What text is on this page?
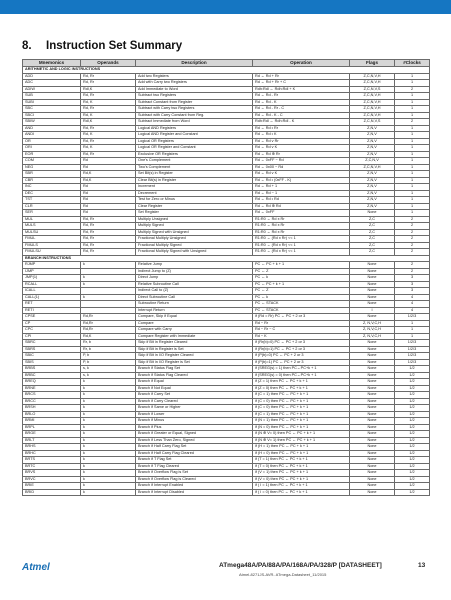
8. Instruction Set Summary
Mnemonics	Operands	Description	Operation	Flags	#Clocks
ARITHMETIC AND LOGIC INSTRUCTIONS					
ADD	Rd, Rr	Add two Registers	Rd ← Rd + Rr	Z,C,N,V,H	1
ADC	Rd, Rr	Add with Carry two Registers	Rd ← Rd + Rr + C	Z,C,N,V,H	1
ADIW	Rdl,K	Add Immediate to Word	Rdh:Rdl ← Rdh:Rdl + K	Z,C,N,V,S	2
SUB	Rd, Rr	Subtract two Registers	Rd ← Rd - Rr	Z,C,N,V,H	1
SUBI	Rd, K	Subtract Constant from Register	Rd ← Rd - K	Z,C,N,V,H	1
SBC	Rd, Rr	Subtract with Carry two Registers	Rd ← Rd - Rr - C	Z,C,N,V,H	1
SBCI	Rd, K	Subtract with Carry Constant from Reg.	Rd ← Rd - K - C	Z,C,N,V,H	1
SBIW	Rdl,K	Subtract Immediate from Word	Rdh:Rdl ← Rdh:Rdl - K	Z,C,N,V,S	2
AND	Rd, Rr	Logical AND Registers	Rd ← Rd • Rr	Z,N,V	1
ANDI	Rd, K	Logical AND Register and Constant	Rd ← Rd • K	Z,N,V	1
OR	Rd, Rr	Logical OR Registers	Rd ← Rd v Rr	Z,N,V	1
ORI	Rd, K	Logical OR Register and Constant	Rd ← Rd v K	Z,N,V	1
EOR	Rd, Rr	Exclusive OR Registers	Rd ← Rd ⊕ Rr	Z,N,V	1
COM	Rd	One's Complement	Rd ← 0xFF − Rd	Z,C,N,V	1
NEG	Rd	Two's Complement	Rd ← 0x00 − Rd	Z,C,N,V,H	1
SBR	Rd,K	Set Bit(s) in Register	Rd ← Rd v K	Z,N,V	1
CBR	Rd,K	Clear Bit(s) in Register	Rd ← Rd • (0xFF - K)	Z,N,V	1
INC	Rd	Increment	Rd ← Rd + 1	Z,N,V	1
DEC	Rd	Decrement	Rd ← Rd − 1	Z,N,V	1
TST	Rd	Test for Zero or Minus	Rd ← Rd • Rd	Z,N,V	1
CLR	Rd	Clear Register	Rd ← Rd ⊕ Rd	Z,N,V	1
SER	Rd	Set Register	Rd ← 0xFF	None	1
MUL	Rd, Rr	Multiply Unsigned	R1:R0 ← Rd x Rr	Z,C	2
MULS	Rd, Rr	Multiply Signed	R1:R0 ← Rd x Rr	Z,C	2
MULSU	Rd, Rr	Multiply Signed with Unsigned	R1:R0 ← Rd x Rr	Z,C	2
FMUL	Rd, Rr	Fractional Multiply Unsigned	R1:R0 ← (Rd x Rr) << 1	Z,C	2
FMULS	Rd, Rr	Fractional Multiply Signed	R1:R0 ← (Rd x Rr) << 1	Z,C	2
FMULSU	Rd, Rr	Fractional Multiply Signed with Unsigned	R1:R0 ← (Rd x Rr) << 1	Z,C	2
BRANCH INSTRUCTIONS					
RJMP	k	Relative Jump	PC ← PC + k + 1	None	2
IJMP		Indirect Jump to (Z)	PC ← Z	None	2
JMP(1)	k	Direct Jump	PC ← k	None	3
RCALL	k	Relative Subroutine Call	PC ← PC + k + 1	None	3
ICALL		Indirect Call to (Z)	PC ← Z	None	3
CALL(1)	k	Direct Subroutine Call	PC ← k	None	4
RET		Subroutine Return	PC ← STACK	None	4
RETI		Interrupt Return	PC ← STACK	I	4
CPSE	Rd,Rr	Compare, Skip if Equal	if (Rd = Rr) PC ← PC + 2 or 3	None	1/2/3
CP	Rd,Rr	Compare	Rd − Rr	Z, N,V,C,H	1
CPC	Rd,Rr	Compare with Carry	Rd − Rr − C	Z, N,V,C,H	1
CPI	Rd,K	Compare Register with Immediate	Rd − K	Z, N,V,C,H	1
SBRC	Rr, b	Skip if Bit in Register Cleared	if (Rr(b)=0) PC ← PC + 2 or 3	None	1/2/3
SBRS	Rr, b	Skip if Bit in Register is Set	if (Rr(b)=1) PC ← PC + 2 or 3	None	1/2/3
SBIC	P, b	Skip if Bit in I/O Register Cleared	if (P(b)=0) PC ← PC + 2 or 3	None	1/2/3
SBIS	P, b	Skip if Bit in I/O Register is Set	if (P(b)=1) PC ← PC + 2 or 3	None	1/2/3
BRBS	s, k	Branch if Status Flag Set	if (SREG(s) = 1) then PC←PC+k + 1	None	1/2
BRBC	s, k	Branch if Status Flag Cleared	if (SREG(s) = 0) then PC←PC+k + 1	None	1/2
BREQ	k	Branch if Equal	if (Z = 1) then PC ← PC + k + 1	None	1/2
BRNE	k	Branch if Not Equal	if (Z = 0) then PC ← PC + k + 1	None	1/2
BRCS	k	Branch if Carry Set	if (C = 1) then PC ← PC + k + 1	None	1/2
BRCC	k	Branch if Carry Cleared	if (C = 0) then PC ← PC + k + 1	None	1/2
BRSH	k	Branch if Same or Higher	if (C = 0) then PC ← PC + k + 1	None	1/2
BRLO	k	Branch if Lower	if (C = 1) then PC ← PC + k + 1	None	1/2
BRMI	k	Branch if Minus	if (N = 1) then PC ← PC + k + 1	None	1/2
BRPL	k	Branch if Plus	if (N = 0) then PC ← PC + k + 1	None	1/2
BRGE	k	Branch if Greater or Equal, Signed	if (N ⊕ V= 0) then PC ← PC + k + 1	None	1/2
BRLT	k	Branch if Less Than Zero, Signed	if (N ⊕ V= 1) then PC ← PC + k + 1	None	1/2
BRHS	k	Branch if Half Carry Flag Set	if (H = 1) then PC ← PC + k + 1	None	1/2
BRHC	k	Branch if Half Carry Flag Cleared	if (H = 0) then PC ← PC + k + 1	None	1/2
BRTS	k	Branch if T Flag Set	if (T = 1) then PC ← PC + k + 1	None	1/2
BRTC	k	Branch if T Flag Cleared	if (T = 0) then PC ← PC + k + 1	None	1/2
BRVS	k	Branch if Overflow Flag is Set	if (V = 1) then PC ← PC + k + 1	None	1/2
BRVC	k	Branch if Overflow Flag is Cleared	if (V = 0) then PC ← PC + k + 1	None	1/2
BRIE	k	Branch if Interrupt Enabled	if ( I = 1) then PC ← PC + k + 1	None	1/2
BRID	k	Branch if Interrupt Disabled	if ( I = 0) then PC ← PC + k + 1	None	1/2
Atmel	ATmega48A/PA/88A/PA/168A/PA/328/P [DATASHEET]
Atmel-8271JS-AVR- ATmega-Datasheet_11/2015
13
